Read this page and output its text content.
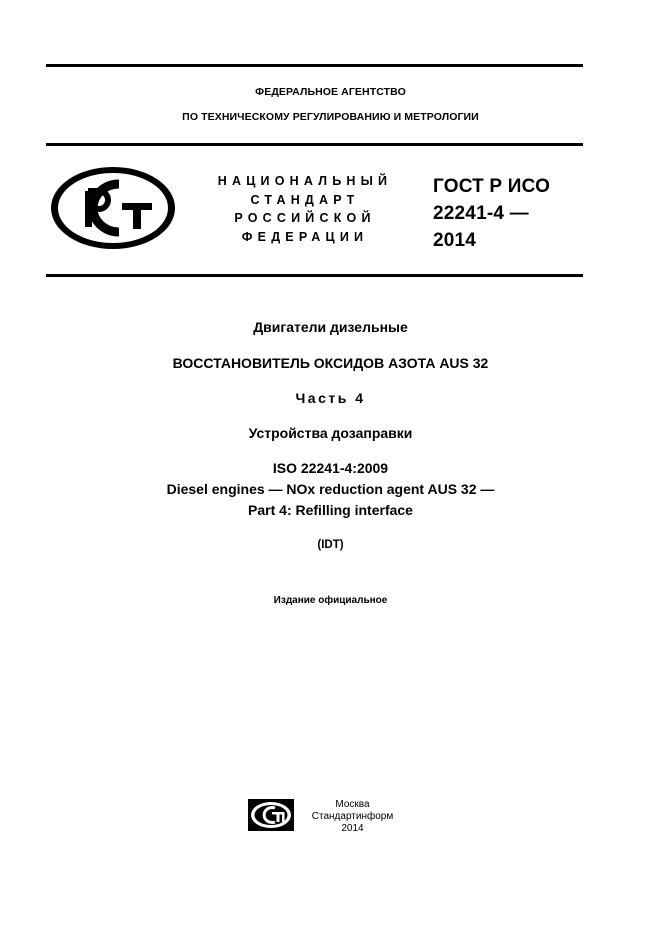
ФЕДЕРАЛЬНОЕ АГЕНТСТВО
ПО ТЕХНИЧЕСКОМУ РЕГУЛИРОВАНИЮ И МЕТРОЛОГИИ
НАЦИОНАЛЬНЫЙ
СТАНДАРТ
РОССИЙСКОЙ
ФЕДЕРАЦИИ
ГОСТ Р ИСО
22241-4 —
2014
Двигатели дизельные
ВОССТАНОВИТЕЛЬ ОКСИДОВ АЗОТА AUS 32
Часть 4
Устройства дозаправки
ISO 22241-4:2009
Diesel engines — NOx reduction agent AUS 32 —
Part 4: Refilling interface
(IDT)
Издание официальное
Москва
Стандартинформ
2014
